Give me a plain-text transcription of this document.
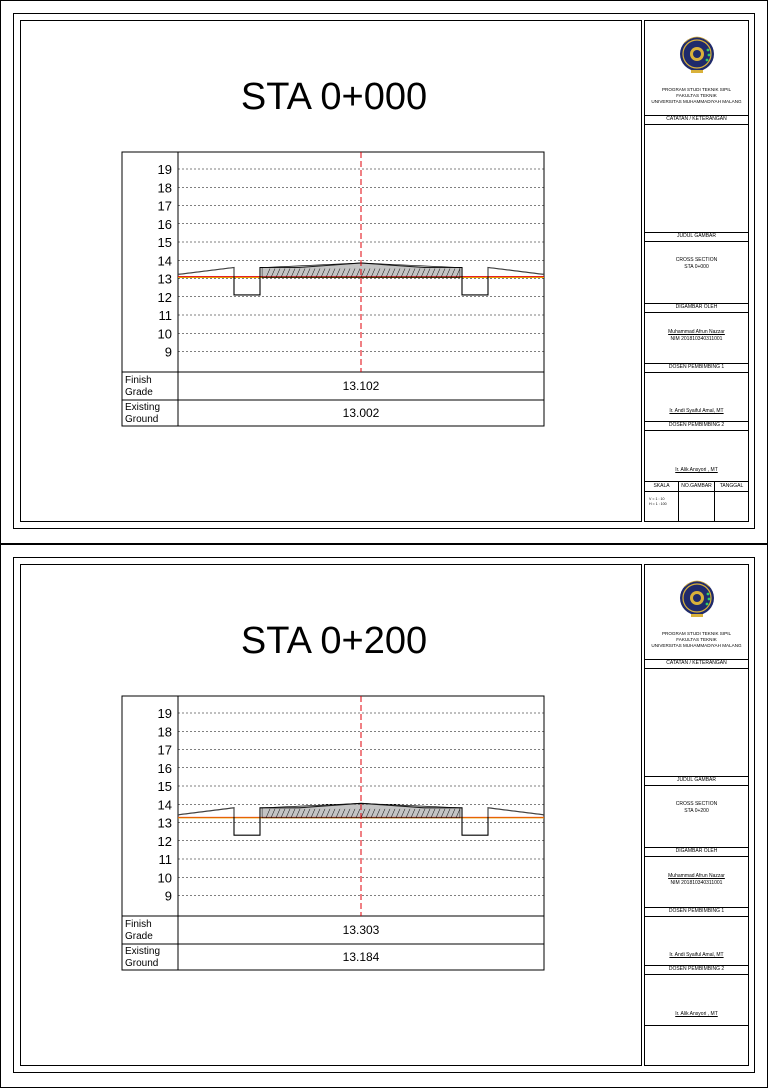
STA 0+000
19
18
17
16
15
14
13
12
11
10
9
Finish
Grade
Existing
Ground
13.102
13.002
PROGRAM STUDI TEKNIK SIPIL
FAKULTAS TEKNIK
UNIVERSITAS MUHAMMADIYAH MALANG
CATATAN / KETERANGAN
JUDUL GAMBAR
CROSS SECTION
STA 0+000
DIGAMBAR OLEH
Muhammad Afrun Nazzar
NIM 201810340311001
DOSEN PEMBIMBING 1
Ir. Andi Syaiful Amal, MT
DOSEN PEMBIMBING 2
Ir. Alik Ansyori , MT
SKALA	NO.GAMBAR	TANGGAL
V = 1 : 10
H = 1 : 100
STA 0+200
19
18
17
16
15
14
13
12
11
10
9
Finish
Grade
Existing
Ground
13.303
13.184
PROGRAM STUDI TEKNIK SIPIL
FAKULTAS TEKNIK
UNIVERSITAS MUHAMMADIYAH MALANG
CATATAN / KETERANGAN
JUDUL GAMBAR
CROSS SECTION
STA 0+200
DIGAMBAR OLEH
Muhammad Afrun Nazzar
NIM 201810340311001
DOSEN PEMBIMBING 1
Ir. Andi Syaiful Amal, MT
DOSEN PEMBIMBING 2
Ir. Alik Ansyori , MT
